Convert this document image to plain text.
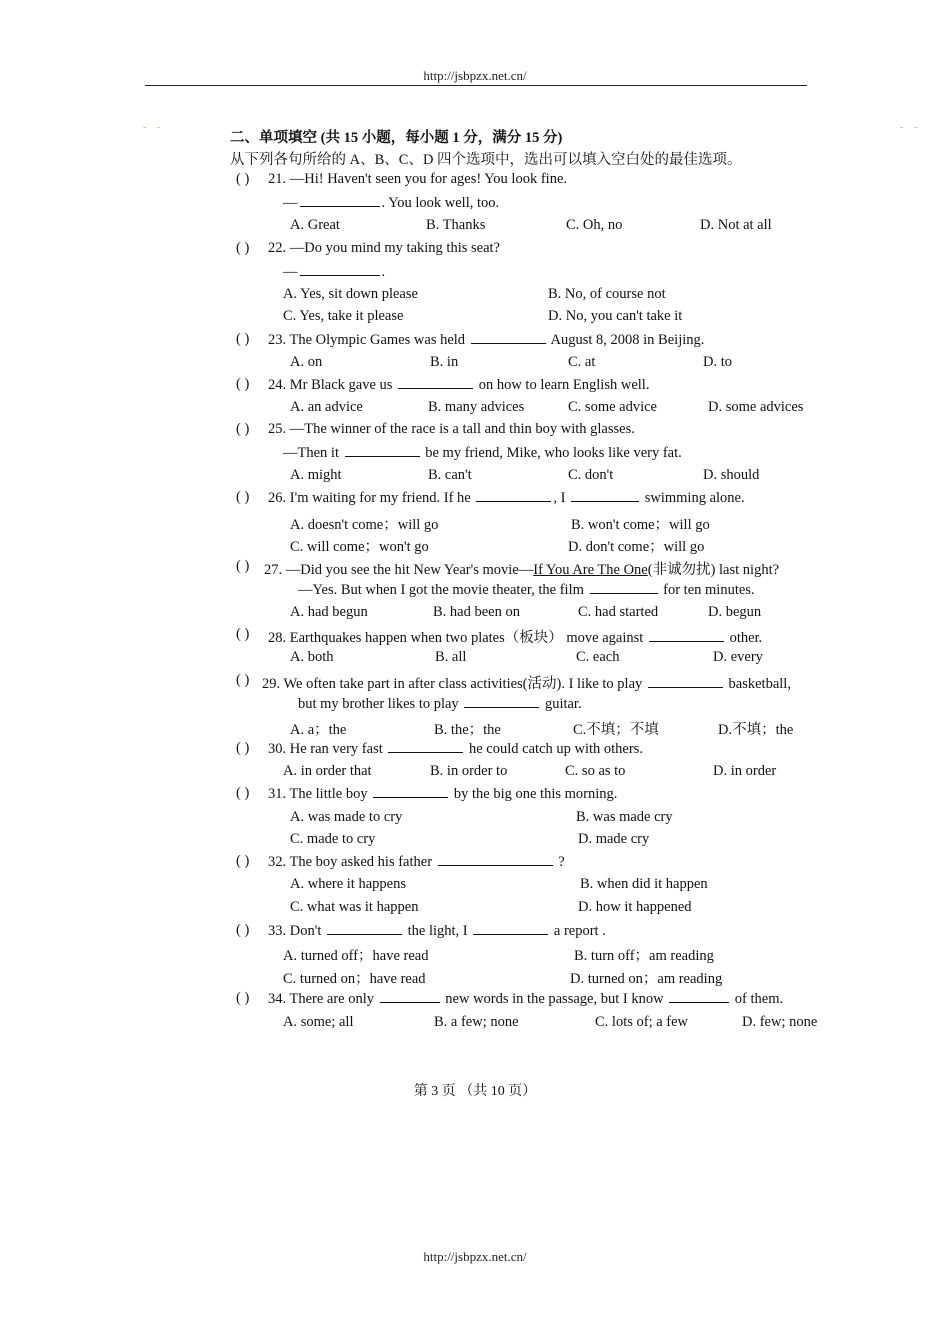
http://jsbpzx.net.cn/
- -	- -
二、单项填空 (共 15 小题，每小题 1 分，满分 15 分)
从下列各句所给的 A、B、C、D 四个选项中，选出可以填入空白处的最佳选项。
( ) 21. —Hi! Haven't seen you for ages! You look fine.
—	. You look well, too.
A. Great	B. Thanks	C. Oh, no	D. Not at all
( ) 22. —Do you mind my taking this seat?
—	.
A. Yes, sit down please	B. No, of course not
C. Yes, take it please	D. No, you can't take it
( ) 23. The Olympic Games was held	August 8, 2008 in Beijing.
A. on	B. in	C. at	D. to
( ) 24. Mr Black gave us	on how to learn English well.
A. an advice	B. many advices	C. some advice	D. some advices
( ) 25. —The winner of the race is a tall and thin boy with glasses.
—Then it	be my friend, Mike, who looks like very fat.
A. might	B. can't	C. don't	D. should
( ) 26. I'm waiting for my friend. If he	, I	swimming alone.
A. doesn't come；will go	B. won't come；will go
C. will come；won't go	D. don't come；will go
( ) 27. —Did you see the hit New Year's movie—If You Are The One(非诚勿扰) last night?
—Yes. But when I got the movie theater, the film	for ten minutes.
A. had begun	B. had been on	C. had started	D. begun
( ) 28. Earthquakes happen when two plates（板块） move against	other.
A. both	B. all	C. each	D. every
( ) 29. We often take part in after class activities(活动). I like to play	basketball,
but my brother likes to play	guitar.
A. a；the	B. the；the	C.不填；不填	D.不填；the
( ) 30. He ran very fast	he could catch up with others.
A. in order that	B. in order to	C. so as to	D. in order
( ) 31. The little boy	by the big one this morning.
A. was made to cry	B. was made cry
C. made to cry	D. made cry
( ) 32. The boy asked his father	?
A. where it happens	B. when did it happen
C. what was it happen	D. how it happened
( ) 33. Don't	the light, I	a report .
A. turned off；have read	B. turn off；am reading
C. turned on；have read	D. turned on；am reading
( ) 34. There are only	new words in the passage, but I know	of them.
A. some; all	B. a few; none	C. lots of; a few	D. few; none
第 3 页 （共 10 页）
http://jsbpzx.net.cn/
